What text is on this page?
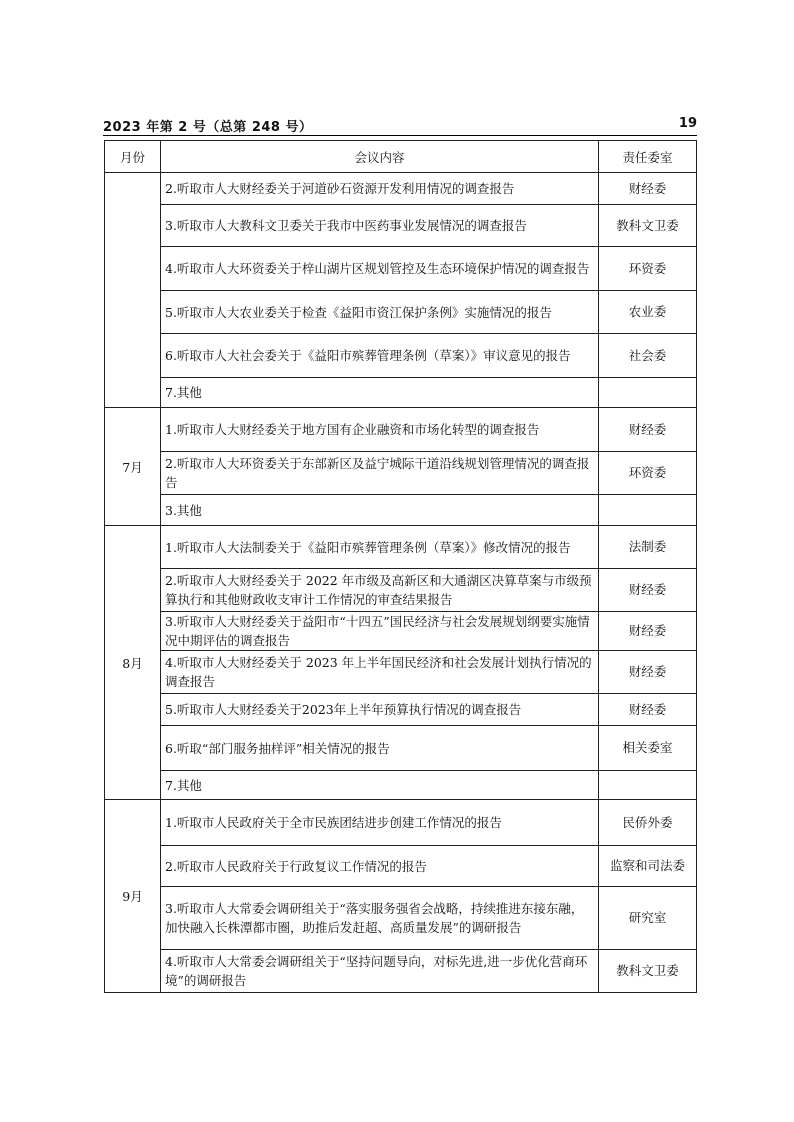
2023 年第 2 号（总第 248 号）	19
月份	会议内容	责任委室
	2.听取市人大财经委关于河道砂石资源开发利用情况的调查报告	财经委
	3.听取市人大教科文卫委关于我市中医药事业发展情况的调查报告	教科文卫委
	4.听取市人大环资委关于梓山湖片区规划管控及生态环境保护情况的调查报告	环资委
	5.听取市人大农业委关于检查《益阳市资江保护条例》实施情况的报告	农业委
	6.听取市人大社会委关于《益阳市殡葬管理条例（草案）》审议意见的报告	社会委
	7.其他	
7月	1.听取市人大财经委关于地方国有企业融资和市场化转型的调查报告	财经委
	2.听取市人大环资委关于东部新区及益宁城际干道沿线规划管理情况的调查报告	环资委
	3.其他	
8月	1.听取市人大法制委关于《益阳市殡葬管理条例（草案）》修改情况的报告	法制委
	2.听取市人大财经委关于 2022 年市级及高新区和大通湖区决算草案与市级预算执行和其他财政收支审计工作情况的审查结果报告	财经委
	3.听取市人大财经委关于益阳市“十四五”国民经济与社会发展规划纲要实施情况中期评估的调查报告	财经委
	4.听取市人大财经委关于 2023 年上半年国民经济和社会发展计划执行情况的调查报告	财经委
	5.听取市人大财经委关于2023年上半年预算执行情况的调查报告	财经委
	6.听取“部门服务抽样评”相关情况的报告	相关委室
	7.其他	
9月	1.听取市人民政府关于全市民族团结进步创建工作情况的报告	民侨外委
	2.听取市人民政府关于行政复议工作情况的报告	监察和司法委
	3.听取市人大常委会调研组关于“落实服务强省会战略，持续推进东接东融，加快融入长株潭都市圈，助推后发赶超、高质量发展”的调研报告	研究室
	4.听取市人大常委会调研组关于“坚持问题导向，对标先进,进一步优化营商环境”的调研报告	教科文卫委
